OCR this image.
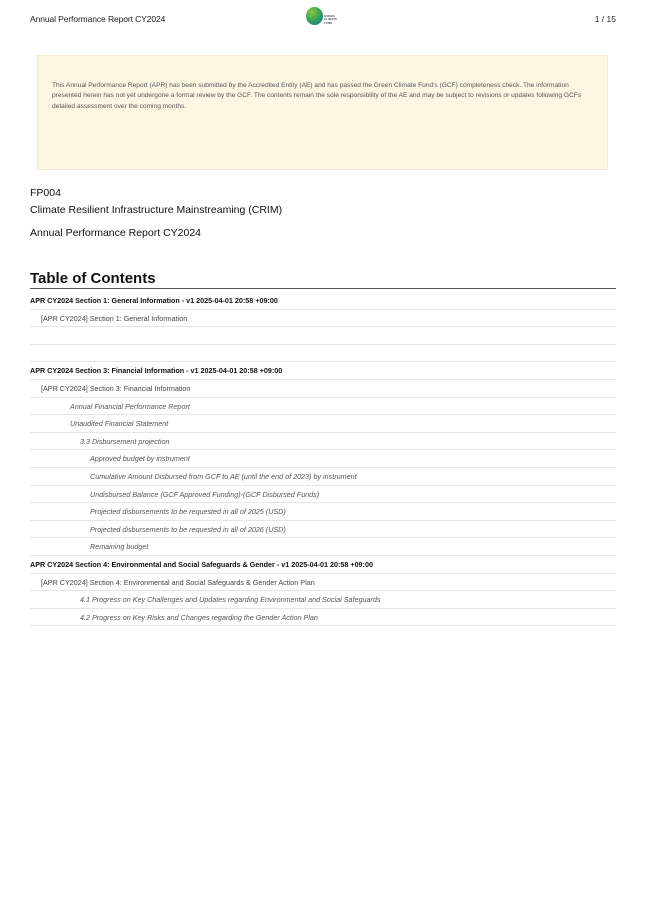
Annual Performance Report CY2024	GREEN
CLIMATE
FUND	1 / 15
This Annual Performance Report (APR) has been submitted by the Accredited Entity (AE) and has passed the Green Climate Fund's (GCF) completeness check. The information presented herein has not yet undergone a formal review by the GCF. The contents remain the sole responsibility of the AE and may be subject to revisions or updates following GCFs detailed assessment over the coming months.
FP004
Climate Resilient Infrastructure Mainstreaming (CRIM)
Annual Performance Report CY2024
Table of Contents
APR CY2024 Section 1: General Information - v1 2025-04-01 20:58 +09:00
[APR CY2024] Section 1: General Information
APR CY2024 Section 3: Financial Information - v1 2025-04-01 20:58 +09:00
[APR CY2024] Section 3: Financial Information
Annual Financial Performance Report
Unaudited Financial Statement
3.3 Disbursement projection
Approved budget by instrument
Cumulative Amount Disbursed from GCF to AE (until the end of 2023) by instrument
Undisbursed Balance (GCF Approved Funding)-(GCF Disbursed Funds)
Projected disbursements to be requested in all of 2025 (USD)
Projected disbursements to be requested in all of 2026 (USD)
Remaining budget
APR CY2024 Section 4: Environmental and Social Safeguards & Gender - v1 2025-04-01 20:58 +09:00
[APR CY2024] Section 4: Environmental and Social Safeguards & Gender Action Plan
4.1 Progress on Key Challenges and Updates regarding Environmental and Social Safeguards
4.2 Progress on Key Risks and Changes regarding the Gender Action Plan
